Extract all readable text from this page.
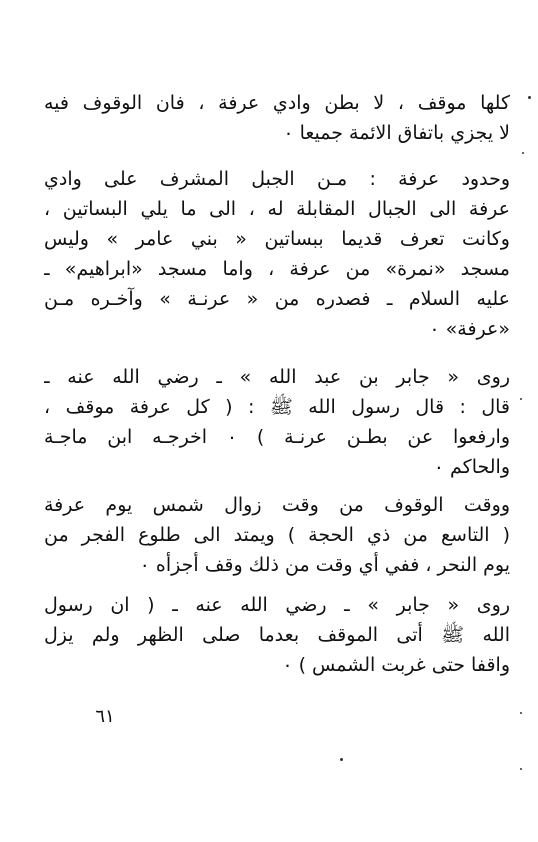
كلها موقف ، لا بطن وادي عرفة ، فان الوقوف فيه
لا يجزي باتفاق الائمة جميعا ٠
وحدود عرفة : مـن الجبل المشرف على وادي
عرفة الى الجبال المقابلة له ، الى ما يلي البساتين ،
وكانت تعرف قديما ببساتين « بني عامر » وليس
مسجد «نمرة» من عرفة ، واما مسجد «ابراهيم» ـ
عليه السلام ـ فصدره من « عرنـة » وآخـره مـن
«عرفة» ٠
روى « جابر بن عبد الله » ـ رضي الله عنه ـ
قال : قال رسول الله ﷺ : ( كل عرفة موقف ،
وارفعوا عن بطـن عرنـة ) ٠ اخرجـه ابن ماجـة
والحاكم ٠
ووقت الوقوف من وقت زوال شمس يوم عرفة
( التاسع من ذي الحجة ) ويمتد الى طلوع الفجر من
يوم النحر ، ففي أي وقت من ذلك وقف أجزأه ٠
روى « جابر » ـ رضي الله عنه ـ ( ان رسول
الله ﷺ أتى الموقف بعدما صلى الظهر ولم يزل
واقفا حتى غربت الشمس ) ٠
٦١
